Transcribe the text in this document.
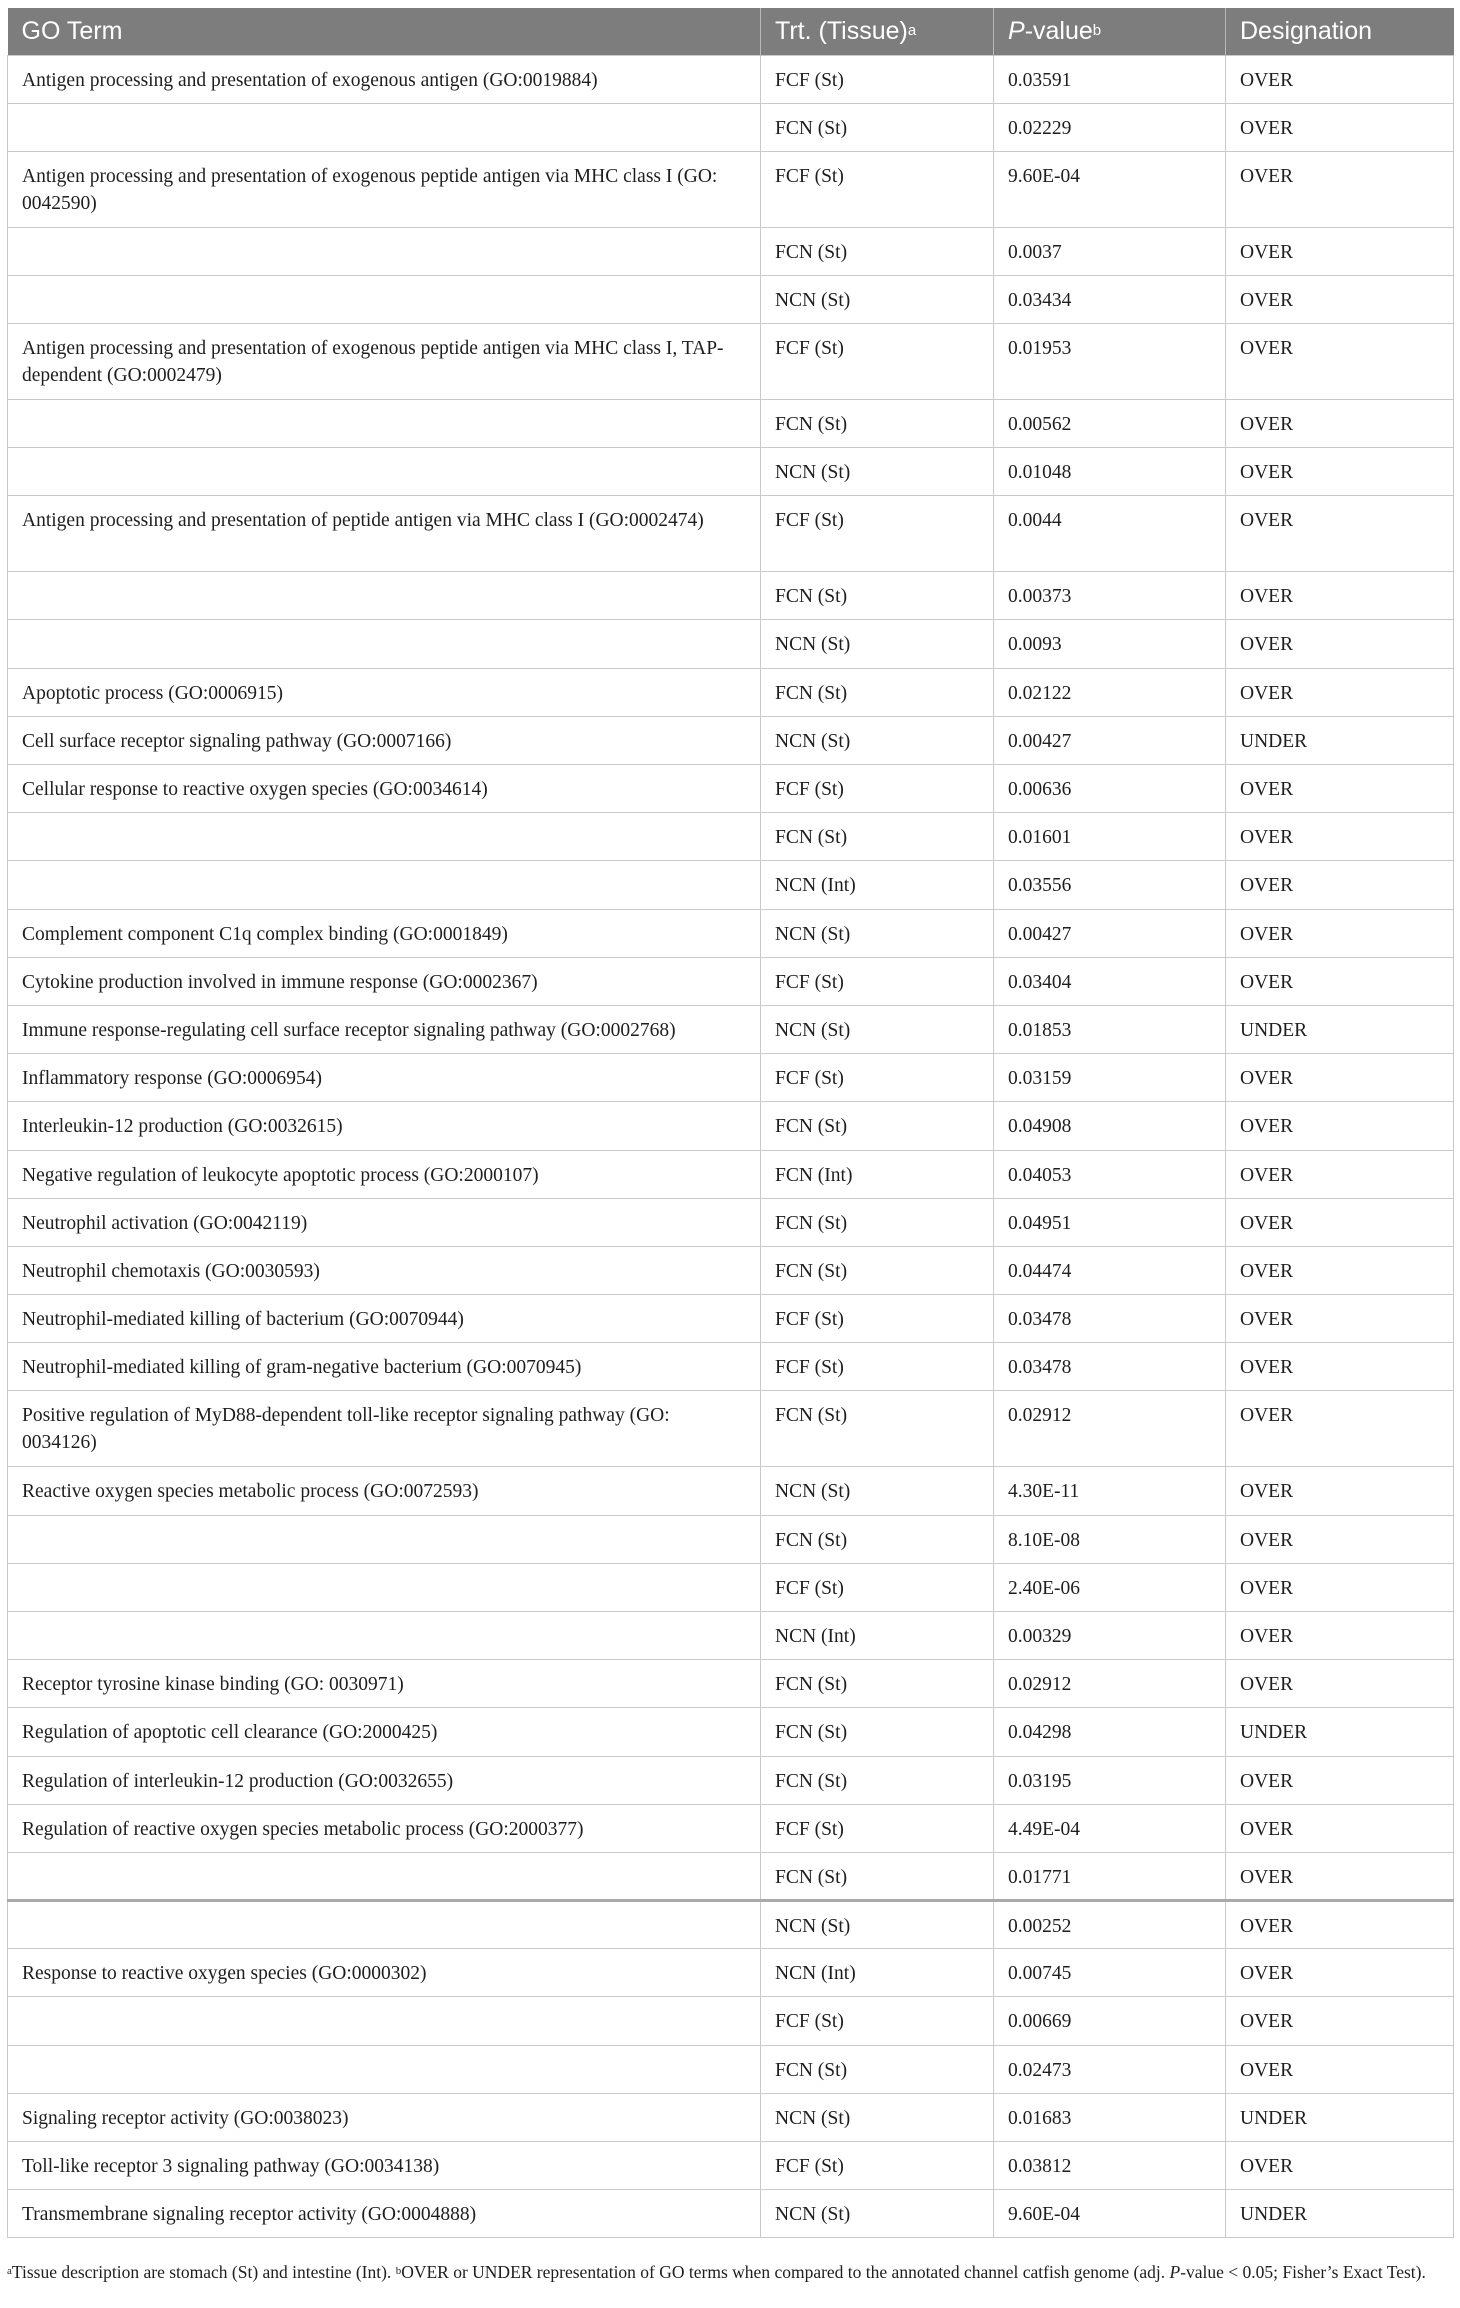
GO Term	Trt. (Tissue)$^a$	P-value$^b$	Designation
Antigen processing and presentation of exogenous antigen (GO:0019884)	FCF (St)	0.03591	OVER
	FCN (St)	0.02229	OVER
Antigen processing and presentation of exogenous peptide antigen via MHC class I (GO: 0042590)	FCF (St)	9.60E-04	OVER
	FCN (St)	0.0037	OVER
	NCN (St)	0.03434	OVER
Antigen processing and presentation of exogenous peptide antigen via MHC class I, TAP-dependent (GO:0002479)	FCF (St)	0.01953	OVER
	FCN (St)	0.00562	OVER
	NCN (St)	0.01048	OVER
Antigen processing and presentation of peptide antigen via MHC class I (GO:0002474)	FCF (St)	0.0044	OVER
	FCN (St)	0.00373	OVER
	NCN (St)	0.0093	OVER
Apoptotic process (GO:0006915)	FCN (St)	0.02122	OVER
Cell surface receptor signaling pathway (GO:0007166)	NCN (St)	0.00427	UNDER
Cellular response to reactive oxygen species (GO:0034614)	FCF (St)	0.00636	OVER
	FCN (St)	0.01601	OVER
	NCN (Int)	0.03556	OVER
Complement component C1q complex binding (GO:0001849)	NCN (St)	0.00427	OVER
Cytokine production involved in immune response (GO:0002367)	FCF (St)	0.03404	OVER
Immune response-regulating cell surface receptor signaling pathway (GO:0002768)	NCN (St)	0.01853	UNDER
Inflammatory response (GO:0006954)	FCF (St)	0.03159	OVER
Interleukin-12 production (GO:0032615)	FCN (St)	0.04908	OVER
Negative regulation of leukocyte apoptotic process (GO:2000107)	FCN (Int)	0.04053	OVER
Neutrophil activation (GO:0042119)	FCN (St)	0.04951	OVER
Neutrophil chemotaxis (GO:0030593)	FCN (St)	0.04474	OVER
Neutrophil-mediated killing of bacterium (GO:0070944)	FCF (St)	0.03478	OVER
Neutrophil-mediated killing of gram-negative bacterium (GO:0070945)	FCF (St)	0.03478	OVER
Positive regulation of MyD88-dependent toll-like receptor signaling pathway (GO: 0034126)	FCN (St)	0.02912	OVER
Reactive oxygen species metabolic process (GO:0072593)	NCN (St)	4.30E-11	OVER
	FCN (St)	8.10E-08	OVER
	FCF (St)	2.40E-06	OVER
	NCN (Int)	0.00329	OVER
Receptor tyrosine kinase binding (GO: 0030971)	FCN (St)	0.02912	OVER
Regulation of apoptotic cell clearance (GO:2000425)	FCN (St)	0.04298	UNDER
Regulation of interleukin-12 production (GO:0032655)	FCN (St)	0.03195	OVER
Regulation of reactive oxygen species metabolic process (GO:2000377)	FCF (St)	4.49E-04	OVER
	FCN (St)	0.01771	OVER
	NCN (St)	0.00252	OVER
Response to reactive oxygen species (GO:0000302)	NCN (Int)	0.00745	OVER
	FCF (St)	0.00669	OVER
	FCN (St)	0.02473	OVER
Signaling receptor activity (GO:0038023)	NCN (St)	0.01683	UNDER
Toll-like receptor 3 signaling pathway (GO:0034138)	FCF (St)	0.03812	OVER
Transmembrane signaling receptor activity (GO:0004888)	NCN (St)	9.60E-04	UNDER
$^a$Tissue description are stomach (St) and intestine (Int). $^b$OVER or UNDER representation of GO terms when compared to the annotated channel catfish genome (adj. P-value < 0.05; Fisher’s Exact Test).
